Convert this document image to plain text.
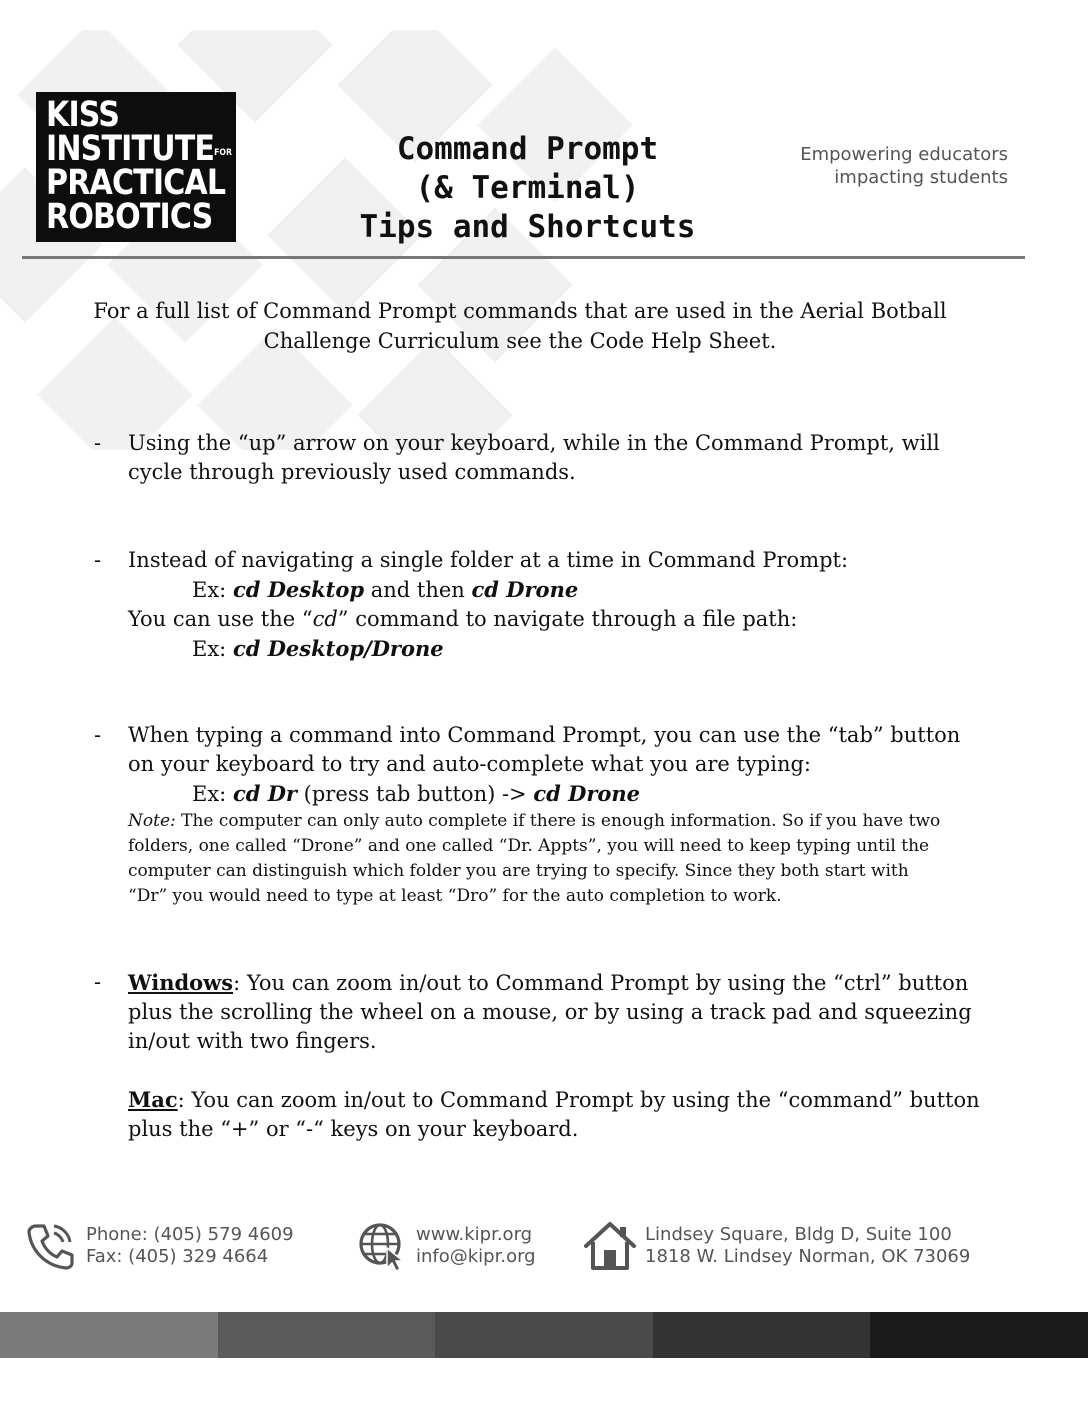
KISS
$INSTITUTE^{FOR}$
PRACTICAL
ROBOTICS
Command Prompt
(& Terminal)
Tips and Shortcuts
Empowering educators
impacting students
For a full list of Command Prompt commands that are used in the Aerial Botball
Challenge Curriculum see the Code Help Sheet.
- Using the “up” arrow on your keyboard, while in the Command Prompt, will
cycle through previously used commands.
- Instead of navigating a single folder at a time in Command Prompt:
Ex: cd Desktop and then cd Drone
You can use the “cd” command to navigate through a file path:
Ex: cd Desktop/Drone
- When typing a command into Command Prompt, you can use the “tab” button
on your keyboard to try and auto-complete what you are typing:
Ex: cd Dr (press tab button) -> cd Drone
Note: The computer can only auto complete if there is enough information. So if you have two
folders, one called “Drone” and one called “Dr. Appts”, you will need to keep typing until the
computer can distinguish which folder you are trying to specify. Since they both start with
“Dr” you would need to type at least “Dro” for the auto completion to work.
- Windows: You can zoom in/out to Command Prompt by using the “ctrl” button
plus the scrolling the wheel on a mouse, or by using a track pad and squeezing
in/out with two fingers.
Mac: You can zoom in/out to Command Prompt by using the “command” button
plus the “+” or “-“ keys on your keyboard.
Phone: (405) 579 4609
Fax: (405) 329 4664
www.kipr.org
info@kipr.org
Lindsey Square, Bldg D, Suite 100
1818 W. Lindsey Norman, OK 73069
